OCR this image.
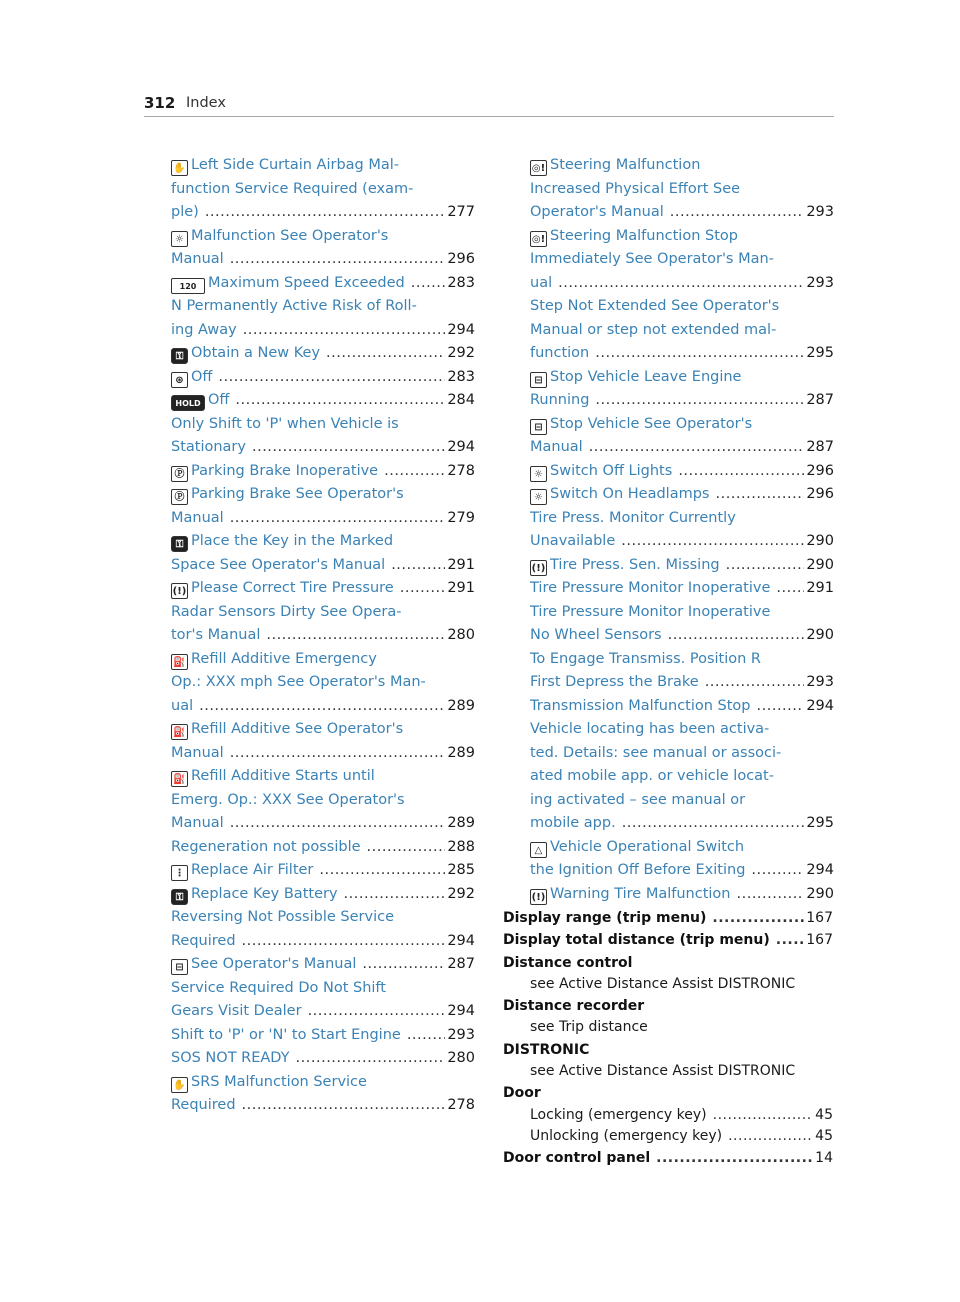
312 Index
✋ Left Side Curtain Airbag Mal-
function Service Required (exam-
ple) .....	277
☼ Malfunction See Operator's
Manual .....	296
120 Maximum Speed Exceeded .....	283
N Permanently Active Risk of Roll-
ing Away .....	294
⚿ Obtain a New Key .....	292
⊛ Off .....	283
HOLD Off .....	284
Only Shift to 'P' when Vehicle is
Stationary .....	294
Ⓟ Parking Brake Inoperative .....	278
Ⓟ Parking Brake See Operator's
Manual .....	279
⚿ Place the Key in the Marked
Space See Operator's Manual .....	291
(!) Please Correct Tire Pressure .....	291
Radar Sensors Dirty See Opera-
tor's Manual .....	280
⛽ Refill Additive Emergency
Op.: XXX mph See Operator's Man-
ual .....	289
⛽ Refill Additive See Operator's
Manual .....	289
⛽ Refill Additive Starts until
Emerg. Op.: XXX See Operator's
Manual .....	289
Regeneration not possible .....	288
⋮ Replace Air Filter .....	285
⚿ Replace Key Battery .....	292
Reversing Not Possible Service
Required .....	294
⊟ See Operator's Manual .....	287
Service Required Do Not Shift
Gears Visit Dealer .....	294
Shift to 'P' or 'N' to Start Engine .....	293
SOS NOT READY .....	280
✋ SRS Malfunction Service
Required .....	278
◎! Steering Malfunction
Increased Physical Effort See
Operator's Manual .....	293
◎! Steering Malfunction Stop
Immediately See Operator's Man-
ual .....	293
Step Not Extended See Operator's
Manual or step not extended mal-
function .....	295
⊟ Stop Vehicle Leave Engine
Running .....	287
⊟ Stop Vehicle See Operator's
Manual .....	287
☼ Switch Off Lights .....	296
☼ Switch On Headlamps .....	296
Tire Press. Monitor Currently
Unavailable .....	290
(!) Tire Press. Sen. Missing .....	290
Tire Pressure Monitor Inoperative ..... 291
Tire Pressure Monitor Inoperative
No Wheel Sensors .....	290
To Engage Transmiss. Position R
First Depress the Brake .....	293
Transmission Malfunction Stop .....	294
Vehicle locating has been activa-
ted. Details: see manual or associ-
ated mobile app. or vehicle locat-
ing activated – see manual or
mobile app. .....	295
△ Vehicle Operational Switch
the Ignition Off Before Exiting .....	294
(!) Warning Tire Malfunction .....	290
Display range (trip menu) .....	167
Display total distance (trip menu) .....	167
Distance control
see Active Distance Assist DISTRONIC
Distance recorder
see Trip distance
DISTRONIC
see Active Distance Assist DISTRONIC
Door
Locking (emergency key) .....	45
Unlocking (emergency key) .....	45
Door control panel .....	14
